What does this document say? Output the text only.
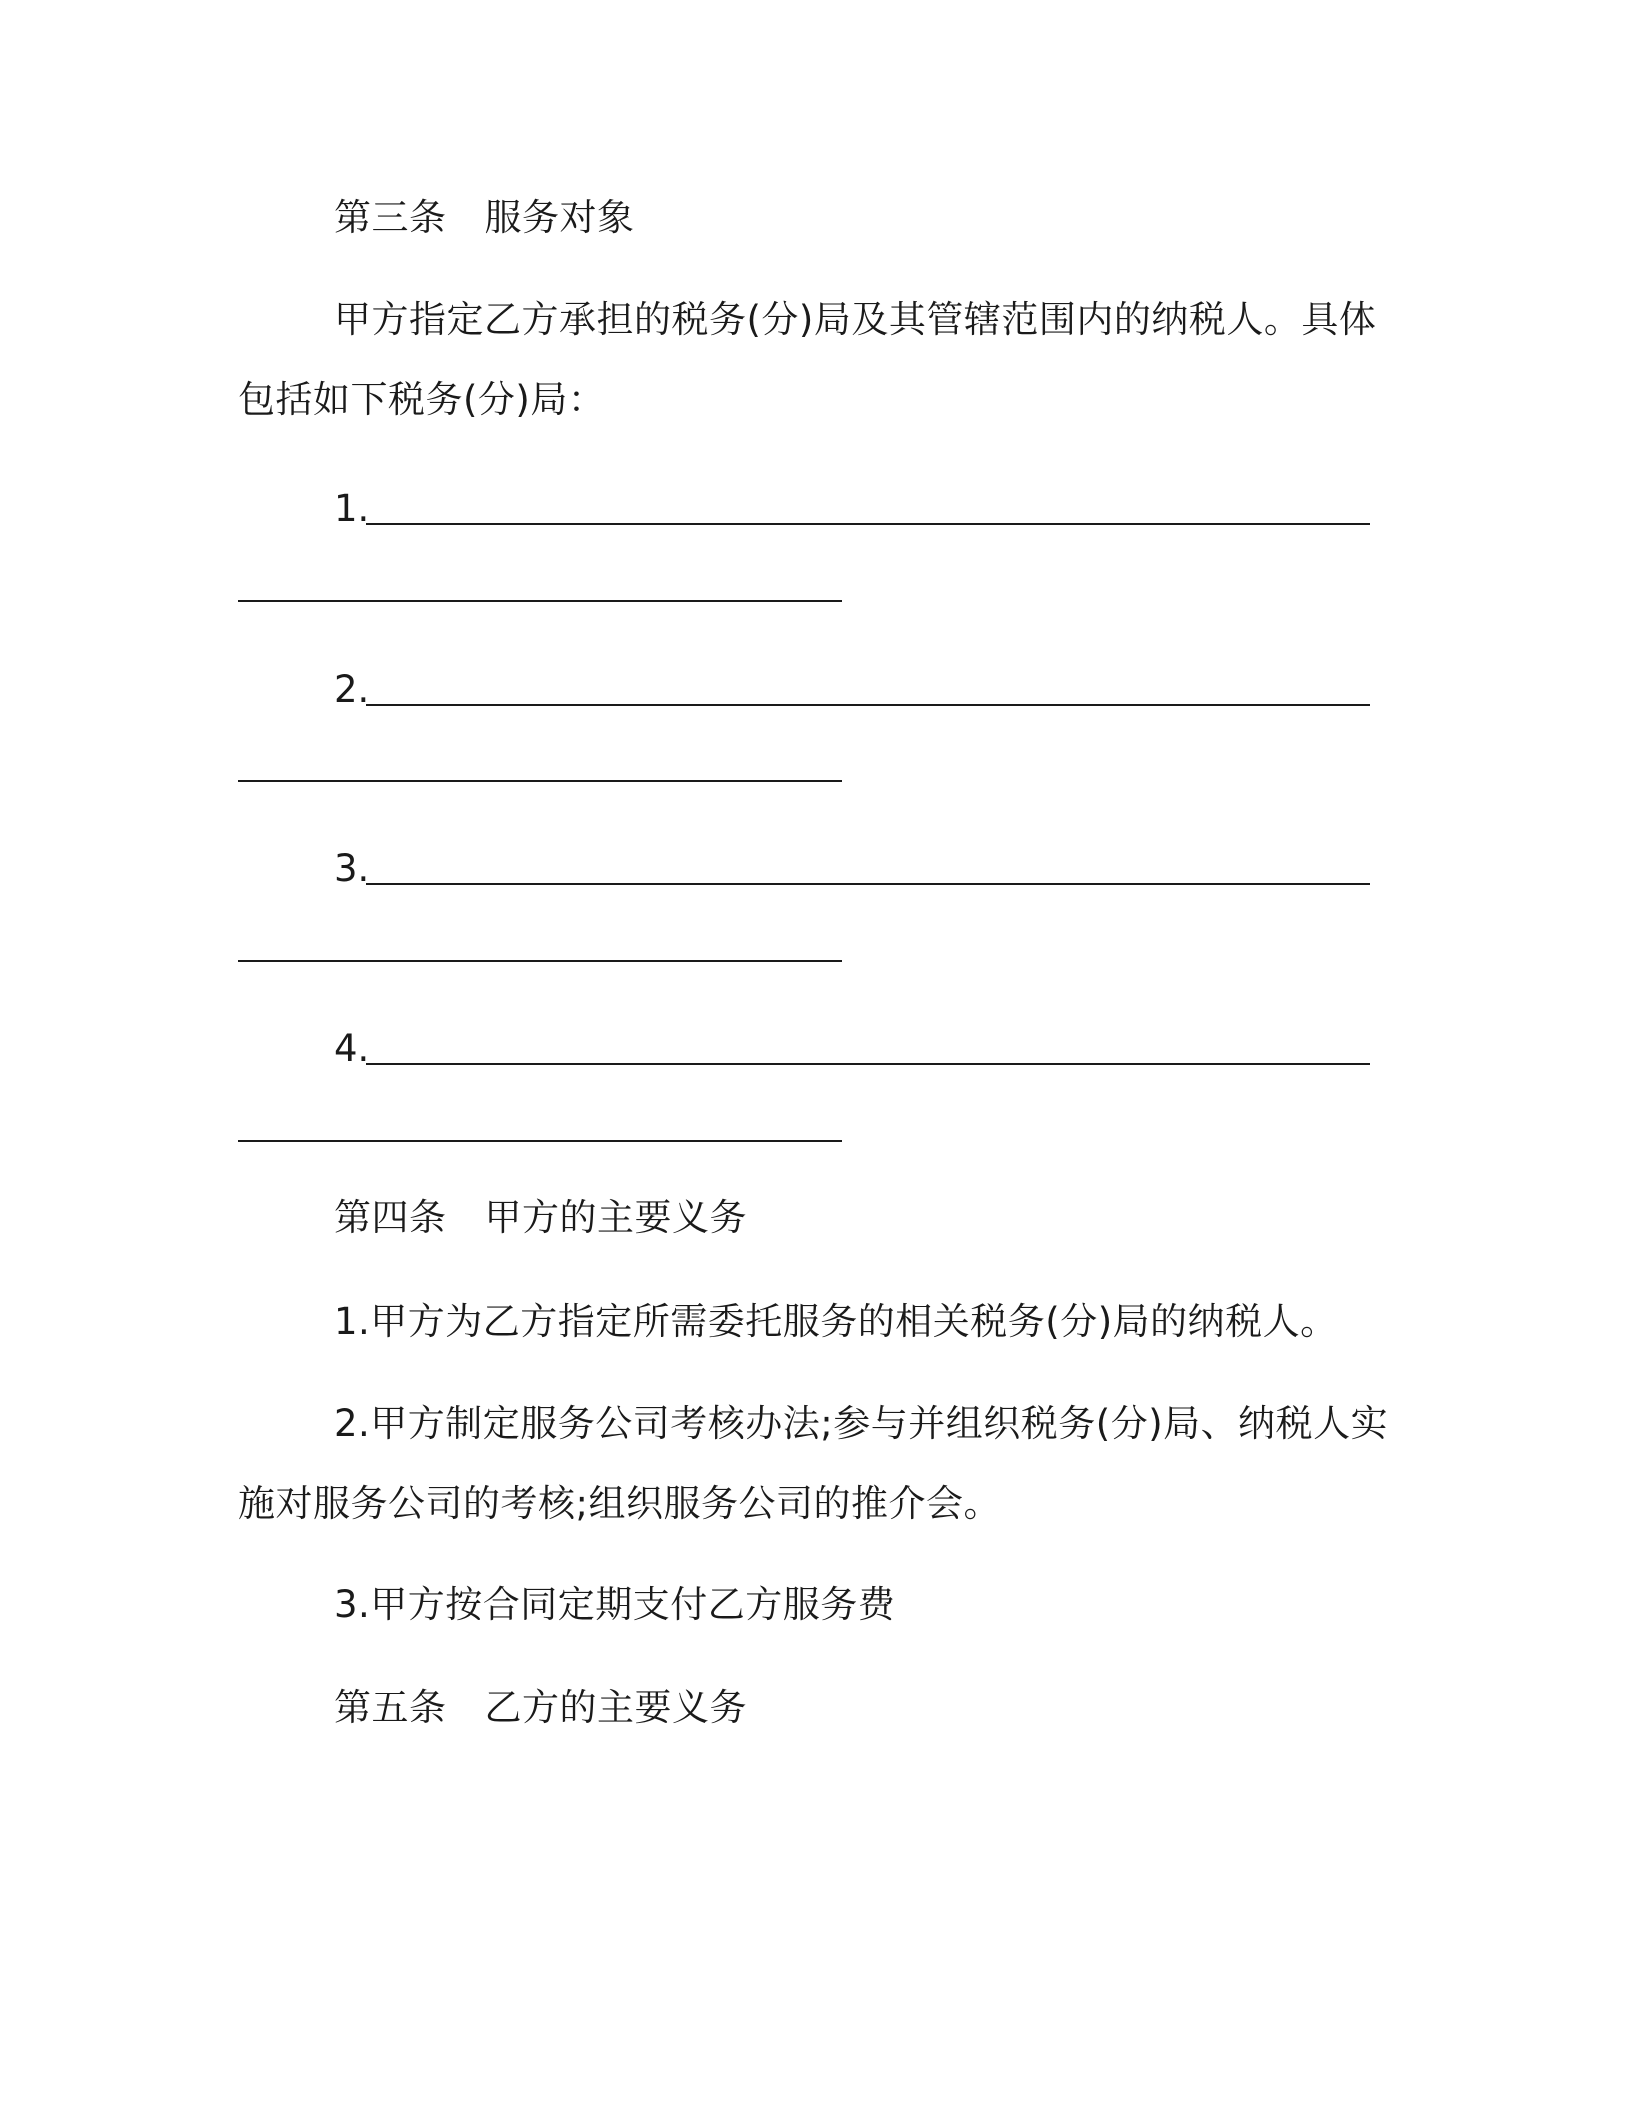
第三条 服务对象
甲方指定乙方承担的税务(分)局及其管辖范围内的纳税人。具体
包括如下税务(分)局：
1.
2.
3.
4.
第四条 甲方的主要义务
1.甲方为乙方指定所需委托服务的相关税务(分)局的纳税人。
2.甲方制定服务公司考核办法;参与并组织税务(分)局、纳税人实
施对服务公司的考核;组织服务公司的推介会。
3.甲方按合同定期支付乙方服务费
第五条 乙方的主要义务
